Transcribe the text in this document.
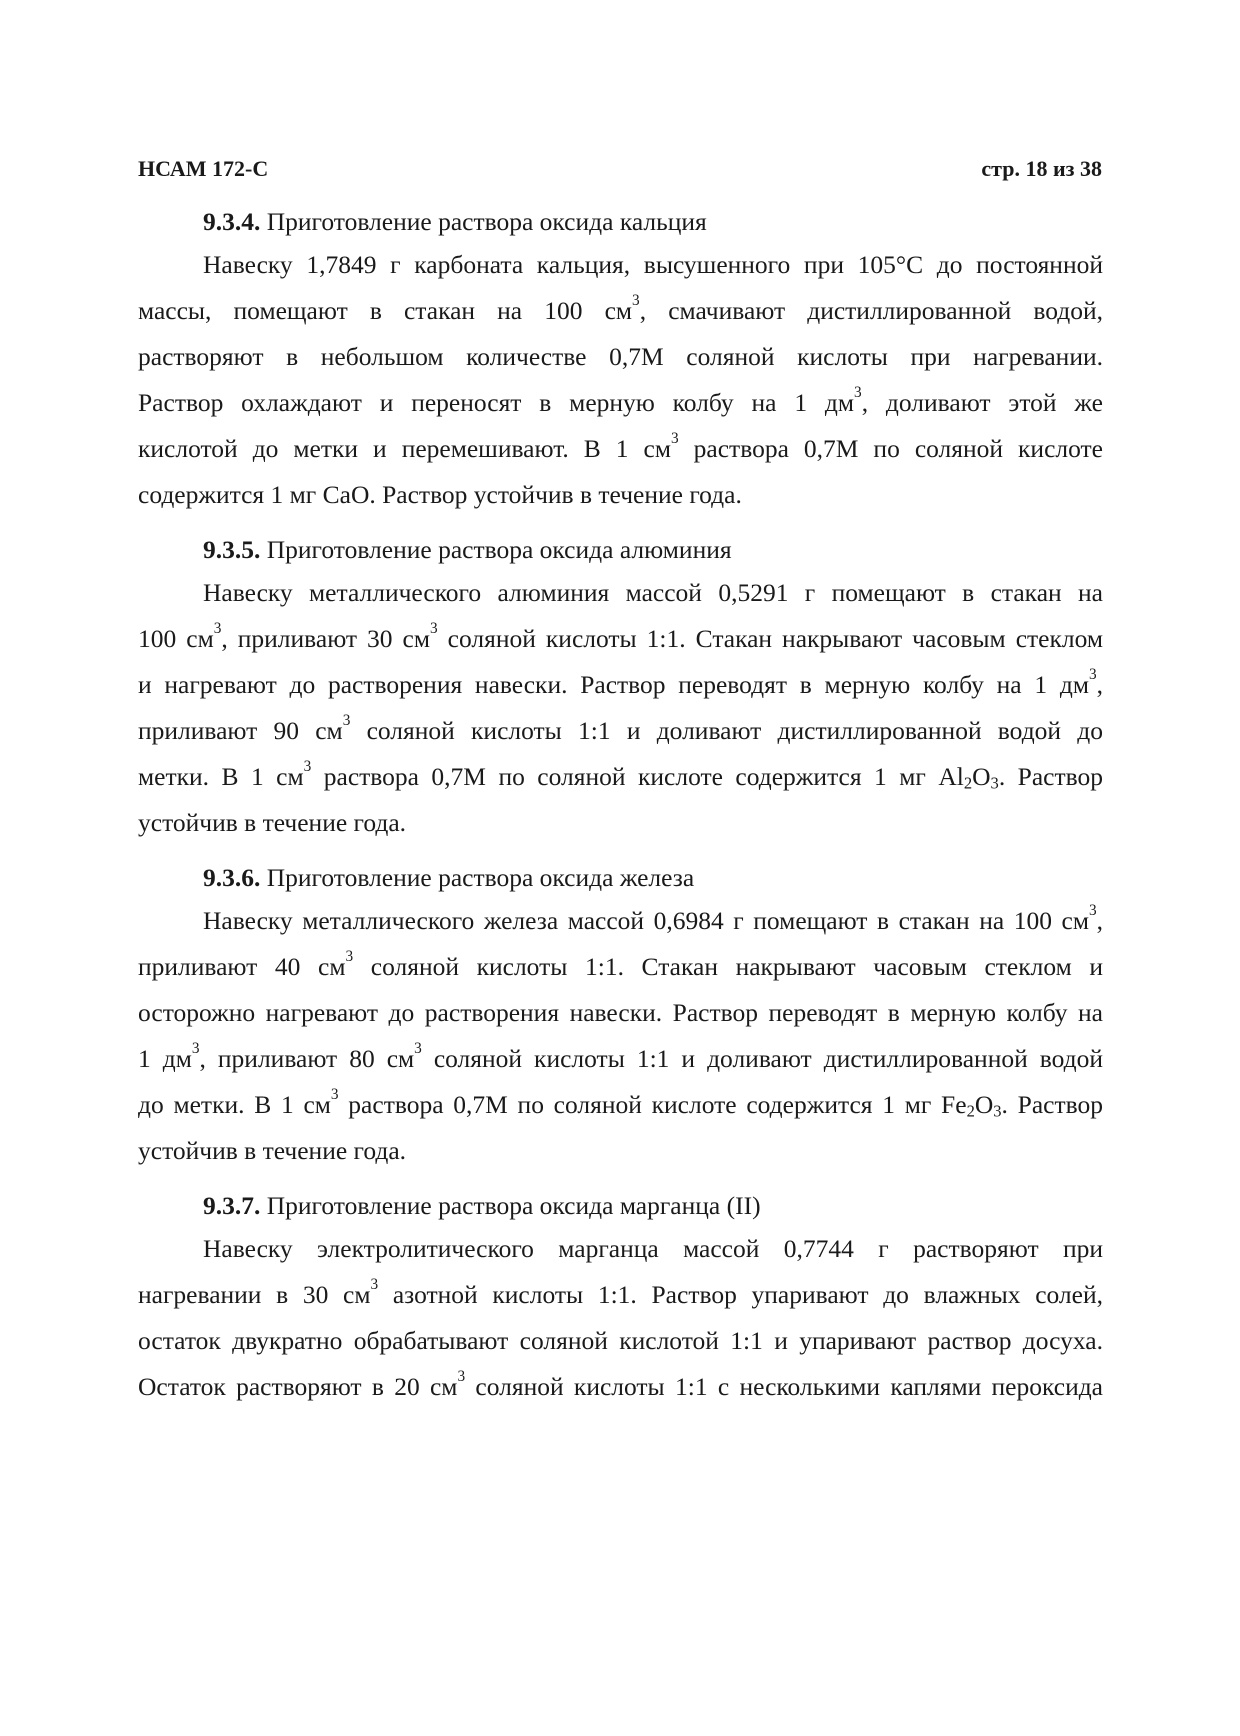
НСАМ 172-С	стр. 18 из 38

9.3.4. Приготовление раствора оксида кальция

Навеску 1,7849 г карбоната кальция, высушенного при 105°С до постоянной
массы, помещают в стакан на 100 $см^3$, смачивают дистиллированной водой,
растворяют в небольшом количестве 0,7М соляной кислоты при нагревании.
Раствор охлаждают и переносят в мерную колбу на 1 $дм^3$, доливают этой же
кислотой до метки и перемешивают. В 1 $см^3$ раствора 0,7М по соляной кислоте
содержится 1 мг СаО. Раствор устойчив в течение года.

9.3.5. Приготовление раствора оксида алюминия

Навеску металлического алюминия массой 0,5291 г помещают в стакан на
100 $см^3$, приливают 30 $см^3$ соляной кислоты 1:1. Стакан накрывают часовым стеклом
и нагревают до растворения навески. Раствор переводят в мерную колбу на 1 $дм^3$,
приливают 90 $см^3$ соляной кислоты 1:1 и доливают дистиллированной водой до
метки. В 1 $см^3$ раствора 0,7М по соляной кислоте содержится 1 мг $Al_2O_3$. Раствор
устойчив в течение года.

9.3.6. Приготовление раствора оксида железа

Навеску металлического железа массой 0,6984 г помещают в стакан на 100 $см^3$,
приливают 40 $см^3$ соляной кислоты 1:1. Стакан накрывают часовым стеклом и
осторожно нагревают до растворения навески. Раствор переводят в мерную колбу на
1 $дм^3$, приливают 80 $см^3$ соляной кислоты 1:1 и доливают дистиллированной водой
до метки. В 1 $см^3$ раствора 0,7М по соляной кислоте содержится 1 мг $Fe_2O_3$. Раствор
устойчив в течение года.

9.3.7. Приготовление раствора оксида марганца (II)

Навеску электролитического марганца массой 0,7744 г растворяют при
нагревании в 30 $см^3$ азотной кислоты 1:1. Раствор упаривают до влажных солей,
остаток двукратно обрабатывают соляной кислотой 1:1 и упаривают раствор досуха.
Остаток растворяют в 20 $см^3$ соляной кислоты 1:1 с несколькими каплями пероксида
